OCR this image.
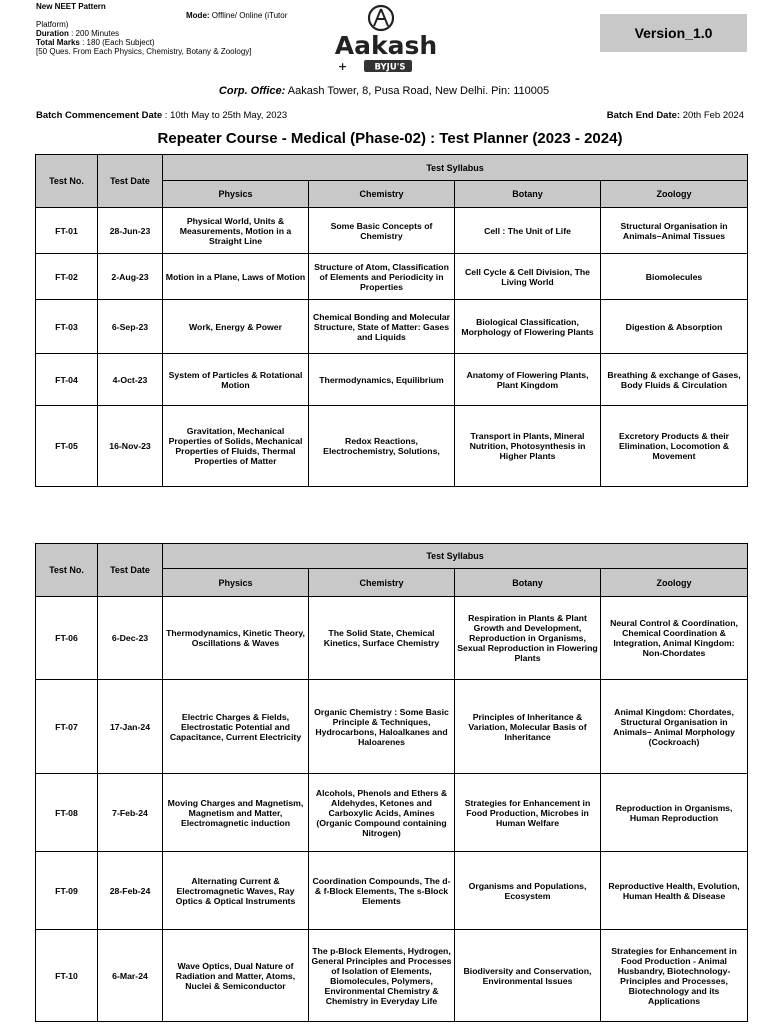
New NEET Pattern
Platform)
Duration : 200 Minutes
Total Marks : 180 (Each Subject)
[50 Ques. From Each Physics, Chemistry, Botany & Zoology]
Mode: Offline/ Online (iTutor
Aakash
+	BYJU'S
Version_1.0
Corp. Office: Aakash Tower, 8, Pusa Road, New Delhi. Pin: 110005
Batch Commencement Date : 10th May to 25th May, 2023	Batch End Date: 20th Feb 2024
Repeater Course - Medical (Phase-02) : Test Planner (2023 - 2024)
Test No.	Test Date	Test Syllabus			
		Physics	Chemistry	Botany	Zoology
FT-01	28-Jun-23	Physical World, Units & Measurements, Motion in a Straight Line	Some Basic Concepts of Chemistry	Cell : The Unit of Life	Structural Organisation in Animals–Animal Tissues
FT-02	2-Aug-23	Motion in a Plane, Laws of Motion	Structure of Atom, Classification of Elements and Periodicity in Properties	Cell Cycle & Cell Division, The Living World	Biomolecules
FT-03	6-Sep-23	Work, Energy & Power	Chemical Bonding and Molecular Structure, State of Matter: Gases and Liquids	Biological Classification, Morphology of Flowering Plants	Digestion & Absorption
FT-04	4-Oct-23	System of Particles & Rotational Motion	Thermodynamics, Equilibrium	Anatomy of Flowering Plants, Plant Kingdom	Breathing & exchange of Gases, Body Fluids & Circulation
FT-05	16-Nov-23	Gravitation, Mechanical Properties of Solids, Mechanical Properties of Fluids, Thermal Properties of Matter	Redox Reactions, Electrochemistry, Solutions,	Transport in Plants, Mineral Nutrition, Photosynthesis in Higher Plants	Excretory Products & their Elimination, Locomotion & Movement
Test No.	Test Date	Test Syllabus			
		Physics	Chemistry	Botany	Zoology
FT-06	6-Dec-23	Thermodynamics, Kinetic Theory, Oscillations & Waves	The Solid State, Chemical Kinetics, Surface Chemistry	Respiration in Plants & Plant Growth and Development, Reproduction in Organisms, Sexual Reproduction in Flowering Plants	Neural Control & Coordination, Chemical Coordination & Integration, Animal Kingdom: Non-Chordates
FT-07	17-Jan-24	Electric Charges & Fields, Electrostatic Potential and Capacitance, Current Electricity	Organic Chemistry : Some Basic Principle & Techniques, Hydrocarbons, Haloalkanes and Haloarenes	Principles of Inheritance & Variation, Molecular Basis of Inheritance	Animal Kingdom: Chordates, Structural Organisation in Animals– Animal Morphology (Cockroach)
FT-08	7-Feb-24	Moving Charges and Magnetism, Magnetism and Matter, Electromagnetic induction	Alcohols, Phenols and Ethers & Aldehydes, Ketones and Carboxylic Acids, Amines (Organic Compound containing Nitrogen)	Strategies for Enhancement in Food Production, Microbes in Human Welfare	Reproduction in Organisms, Human Reproduction
FT-09	28-Feb-24	Alternating Current & Electromagnetic Waves, Ray Optics & Optical Instruments	Coordination Compounds, The d- & f-Block Elements, The s-Block Elements	Organisms and Populations, Ecosystem	Reproductive Health, Evolution, Human Health & Disease
FT-10	6-Mar-24	Wave Optics, Dual Nature of Radiation and Matter, Atoms, Nuclei & Semiconductor	The p-Block Elements, Hydrogen, General Principles and Processes of Isolation of Elements, Biomolecules, Polymers, Environmental Chemistry & Chemistry in Everyday Life	Biodiversity and Conservation, Environmental Issues	Strategies for Enhancement in Food Production - Animal Husbandry, Biotechnology- Principles and Processes, Biotechnology and its Applications
